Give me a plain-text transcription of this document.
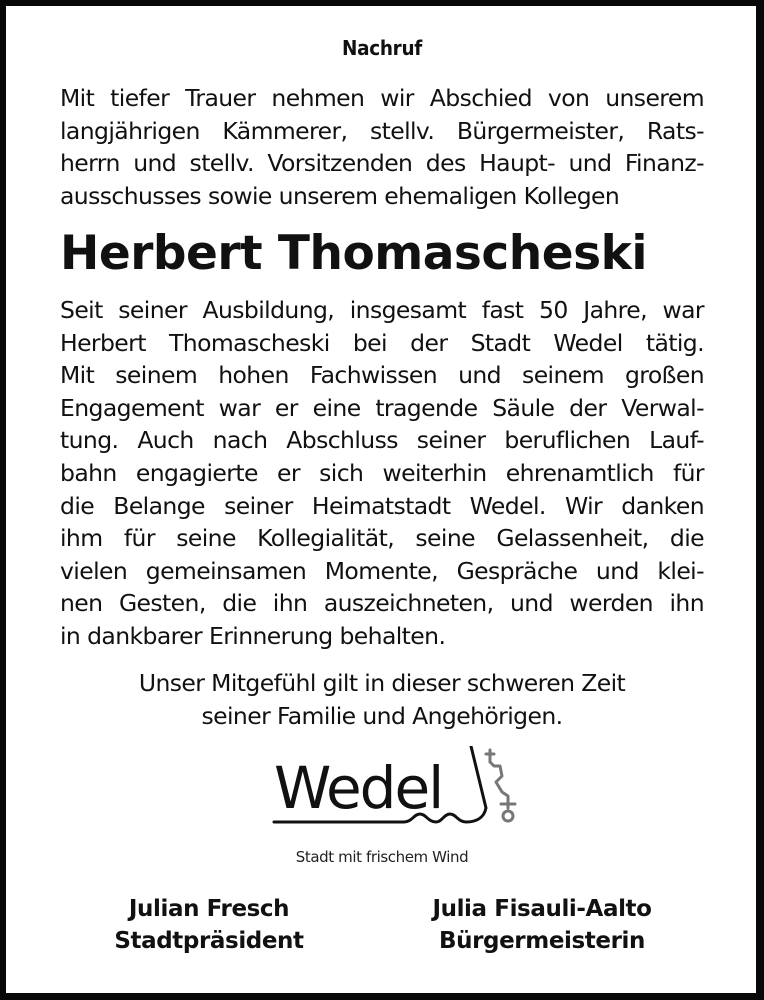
Nachruf
Mit tiefer Trauer nehmen wir Abschied von unserem
langjährigen Kämmerer, stellv. Bürgermeister, Rats-
herrn und stellv. Vorsitzenden des Haupt- und Finanz-
ausschusses sowie unserem ehemaligen Kollegen
Herbert Thomascheski
Seit seiner Ausbildung, insgesamt fast 50 Jahre, war
Herbert Thomascheski bei der Stadt Wedel tätig.
Mit seinem hohen Fachwissen und seinem großen
Engagement war er eine tragende Säule der Verwal-
tung. Auch nach Abschluss seiner beruflichen Lauf-
bahn engagierte er sich weiterhin ehrenamtlich für
die Belange seiner Heimatstadt Wedel. Wir danken
ihm für seine Kollegialität, seine Gelassenheit, die
vielen gemeinsamen Momente, Gespräche und klei-
nen Gesten, die ihn auszeichneten, und werden ihn
in dankbarer Erinnerung behalten.
Unser Mitgefühl gilt in dieser schweren Zeit
seiner Familie und Angehörigen.
Wedel
Stadt mit frischem Wind
Julian Fresch
Stadtpräsident
Julia Fisauli-Aalto
Bürgermeisterin
